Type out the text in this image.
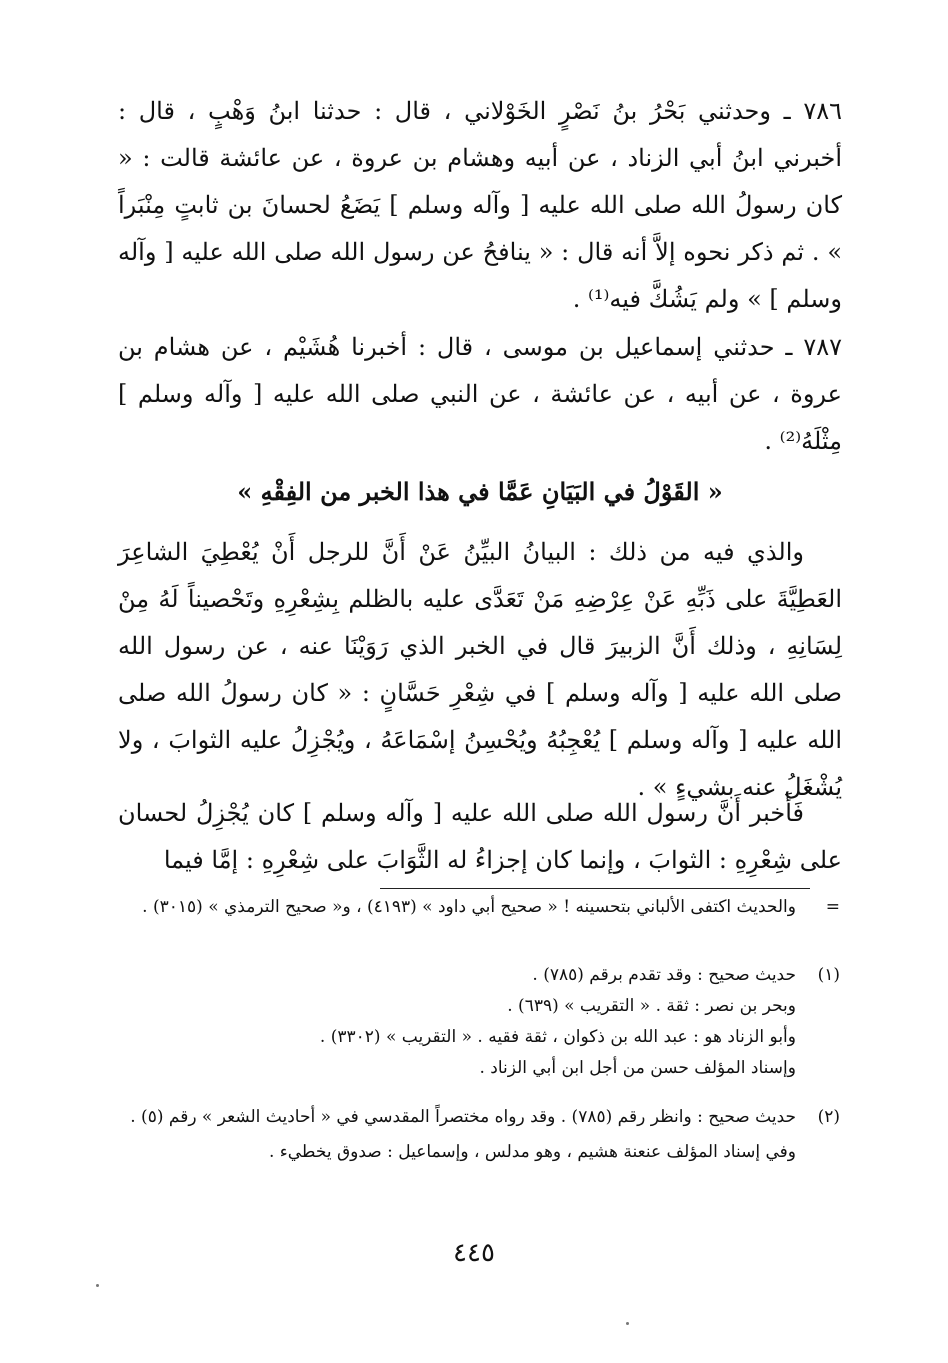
٧٨٦ ـ وحدثني بَحْرُ بنُ نَصْرٍ الخَوْلاني ، قال : حدثنا ابنُ وَهْبٍ ، قال : أخبرني ابنُ أبي الزناد ، عن أبيه وهشام بن عروة ، عن عائشة قالت : « كان رسولُ الله صلى الله عليه [ وآله وسلم ] يَضَعُ لحسانَ بن ثابتٍ مِنْبَراً » . ثم ذكر نحوه إلاَّ أنه قال : « ينافحُ عن رسول الله صلى الله عليه [ وآله وسلم ] » ولم يَشُكَّ فيه⁽¹⁾ .
٧٨٧ ـ حدثني إسماعيل بن موسى ، قال : أخبرنا هُشَيْم ، عن هشام بن عروة ، عن أبيه ، عن عائشة ، عن النبي صلى الله عليه [ وآله وسلم ] مِثْلَهُ⁽²⁾ .
« القَوْلُ في البَيَانِ عَمَّا في هذا الخبر من الفِقْهِ »
والذي فيه من ذلك : البيانُ البيِّنُ عَنْ أَنَّ للرجل أَنْ يُعْطِيَ الشاعِرَ العَطِيَّةَ على ذَبِّهِ عَنْ عِرْضِهِ مَنْ تَعَدَّى عليه بالظلم بِشِعْرِهِ وتَحْصيناً لَهُ مِنْ لِسَانِهِ ، وذلك أَنَّ الزبيرَ قال في الخبر الذي رَوَيْنَا عنه ، عن رسول الله صلى الله عليه [ وآله وسلم ] في شِعْرِ حَسَّانٍ : « كان رسولُ الله صلى الله عليه [ وآله وسلم ] يُعْجِبُهُ ويُحْسِنُ إسْمَاعَهُ ، ويُجْزِلُ عليه الثوابَ ، ولا يُشْغَلُ عنه بشيءٍ » .
فَأَخبر أَنَّ رسول الله صلى الله عليه [ وآله وسلم ] كان يُجْزِلُ لحسان على شِعْرِهِ : الثوابَ ، وإنما كان إجزاءُ له الثَّوَابَ على شِعْرِهِ : إمَّا فيما
=
والحديث اكتفى الألباني بتحسينه ! « صحيح أبي داود » (٤١٩٣) ، و« صحيح الترمذي » (٣٠١٥) .
(١)
حديث صحيح : وقد تقدم برقم (٧٨٥) .
وبحر بن نصر : ثقة . « التقريب » (٦٣٩) .
وأبو الزناد هو : عبد الله بن ذكوان ، ثقة فقيه . « التقريب » (٣٣٠٢) .
وإسناد المؤلف حسن من أجل ابن أبي الزناد .
(٢)
حديث صحيح : وانظر رقم (٧٨٥) . وقد رواه مختصراً المقدسي في « أحاديث الشعر » رقم (٥) .
وفي إسناد المؤلف عنعنة هشيم ، وهو مدلس ، وإسماعيل : صدوق يخطيء .
٤٤٥
